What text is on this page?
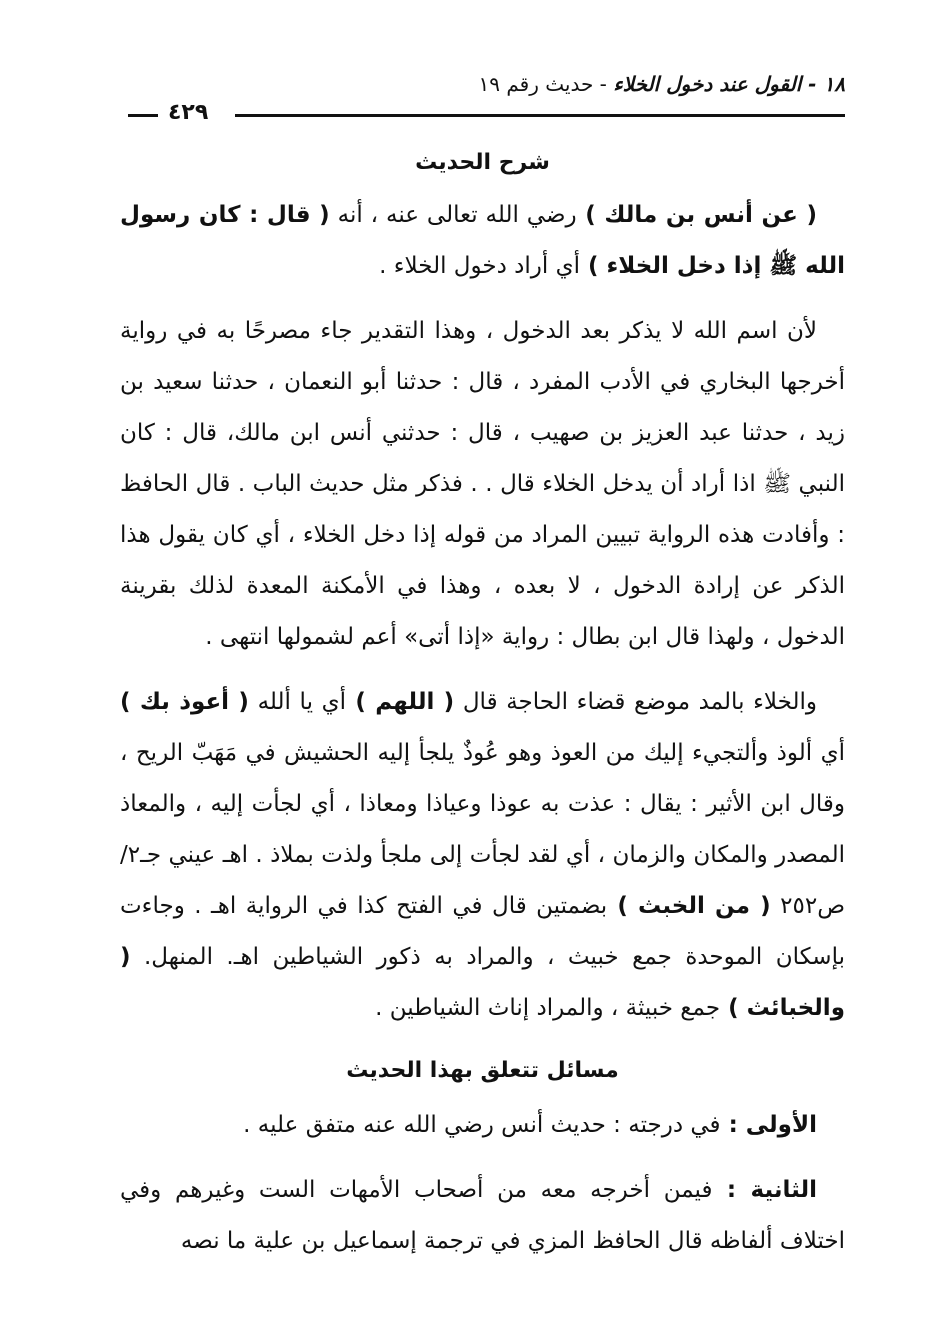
١٨ - القول عند دخول الخلاء - حديث رقم ١٩
٤٢٩
شرح الحديث

( عن أنس بن مالك ) رضي الله تعالى عنه ، أنه ( قال : كان رسول الله ﷺ إذا دخل الخلاء ) أي أراد دخول الخلاء .

لأن اسم الله لا يذكر بعد الدخول ، وهذا التقدير جاء مصرحًا به في رواية أخرجها البخاري في الأدب المفرد ، قال : حدثنا أبو النعمان ، حدثنا سعيد بن زيد ، حدثنا عبد العزيز بن صهيب ، قال : حدثني أنس ابن مالك، قال : كان النبي ﷺ اذا أراد أن يدخل الخلاء قال . . فذكر مثل حديث الباب . قال الحافظ : وأفادت هذه الرواية تبيين المراد من قوله إذا دخل الخلاء ، أي كان يقول هذا الذكر عن إرادة الدخول ، لا بعده ، وهذا في الأمكنة المعدة لذلك بقرينة الدخول ، ولهذا قال ابن بطال : رواية «إذا أتى» أعم لشمولها انتهى .

والخلاء بالمد موضع قضاء الحاجة قال ( اللهم ) أي يا ألله ( أعوذ بك ) أي ألوذ وألتجيء إليك من العوذ وهو عُوذٌ يلجأ إليه الحشيش في مَهَبّ الريح ، وقال ابن الأثير : يقال : عذت به عوذا وعياذا ومعاذا ، أي لجأت إليه ، والمعاذ المصدر والمكان والزمان ، أي لقد لجأت إلى ملجأ ولذت بملاذ . اهـ عيني جـ٢/ ص٢٥٢ ( من الخبث ) بضمتين قال في الفتح كذا في الرواية اهـ . وجاءت بإسكان الموحدة جمع خبيث ، والمراد به ذكور الشياطين اهـ. المنهل. ( والخبائث ) جمع خبيثة ، والمراد إناث الشياطين .

مسائل تتعلق بهذا الحديث

الأولى : في درجته : حديث أنس رضي الله عنه متفق عليه .

الثانية : فيمن أخرجه معه من أصحاب الأمهات الست وغيرهم وفي اختلاف ألفاظه قال الحافظ المزي في ترجمة إسماعيل بن علية ما نصه
